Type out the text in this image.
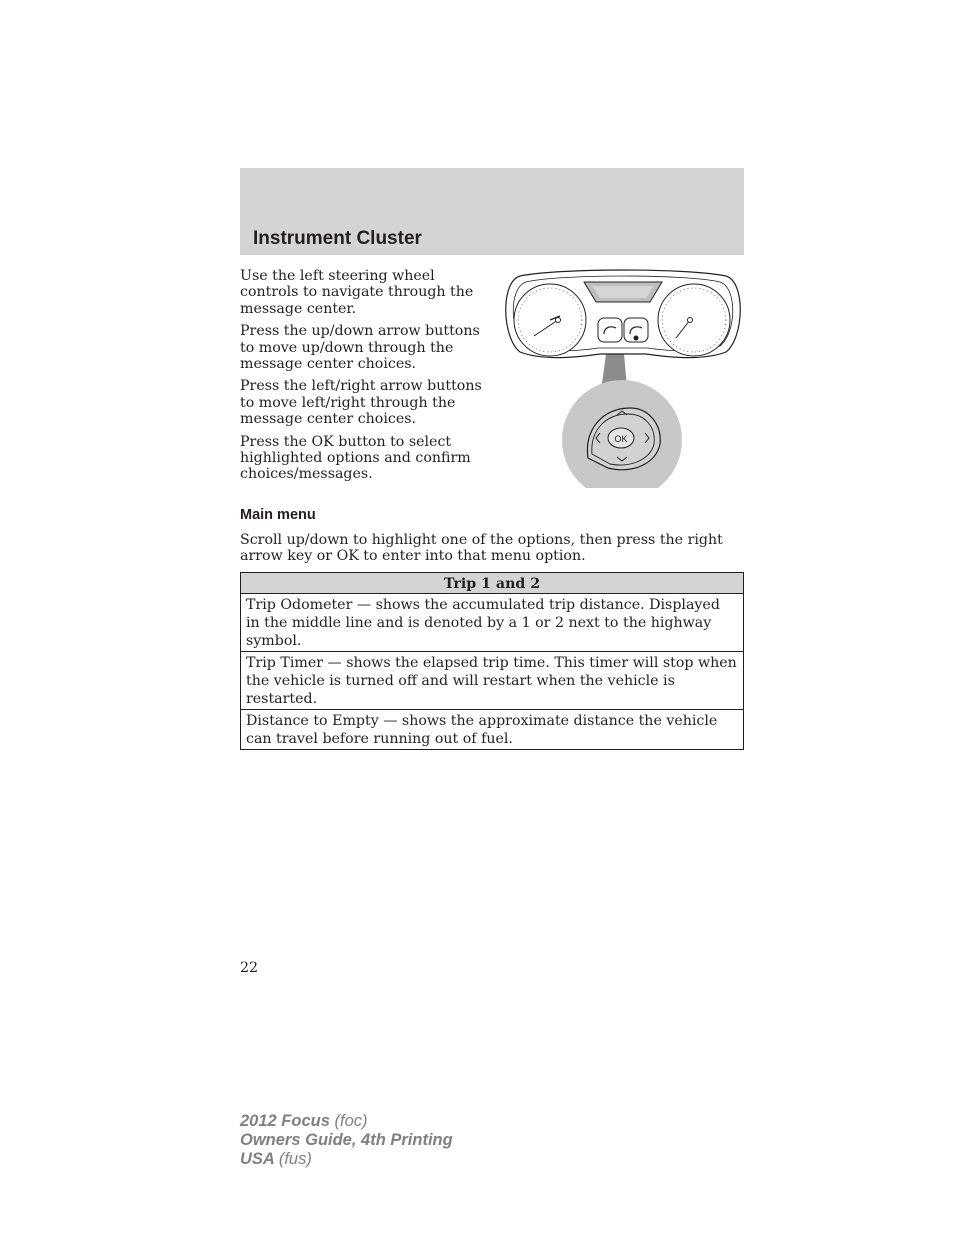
Instrument Cluster

Use the left steering wheel controls to navigate through the message center.

Press the up/down arrow buttons to move up/down through the message center choices.

Press the left/right arrow buttons to move left/right through the message center choices.

Press the OK button to select highlighted options and confirm choices/messages.

OK
Main menu

Scroll up/down to highlight one of the options, then press the right arrow key or OK to enter into that menu option.

Trip 1 and 2
Trip Odometer — shows the accumulated trip distance. Displayed in the middle line and is denoted by a 1 or 2 next to the highway symbol.
Trip Timer — shows the elapsed trip time. This timer will stop when the vehicle is turned off and will restart when the vehicle is restarted.
Distance to Empty — shows the approximate distance the vehicle can travel before running out of fuel.
22
2012 Focus (foc)
Owners Guide, 4th Printing
USA (fus)
